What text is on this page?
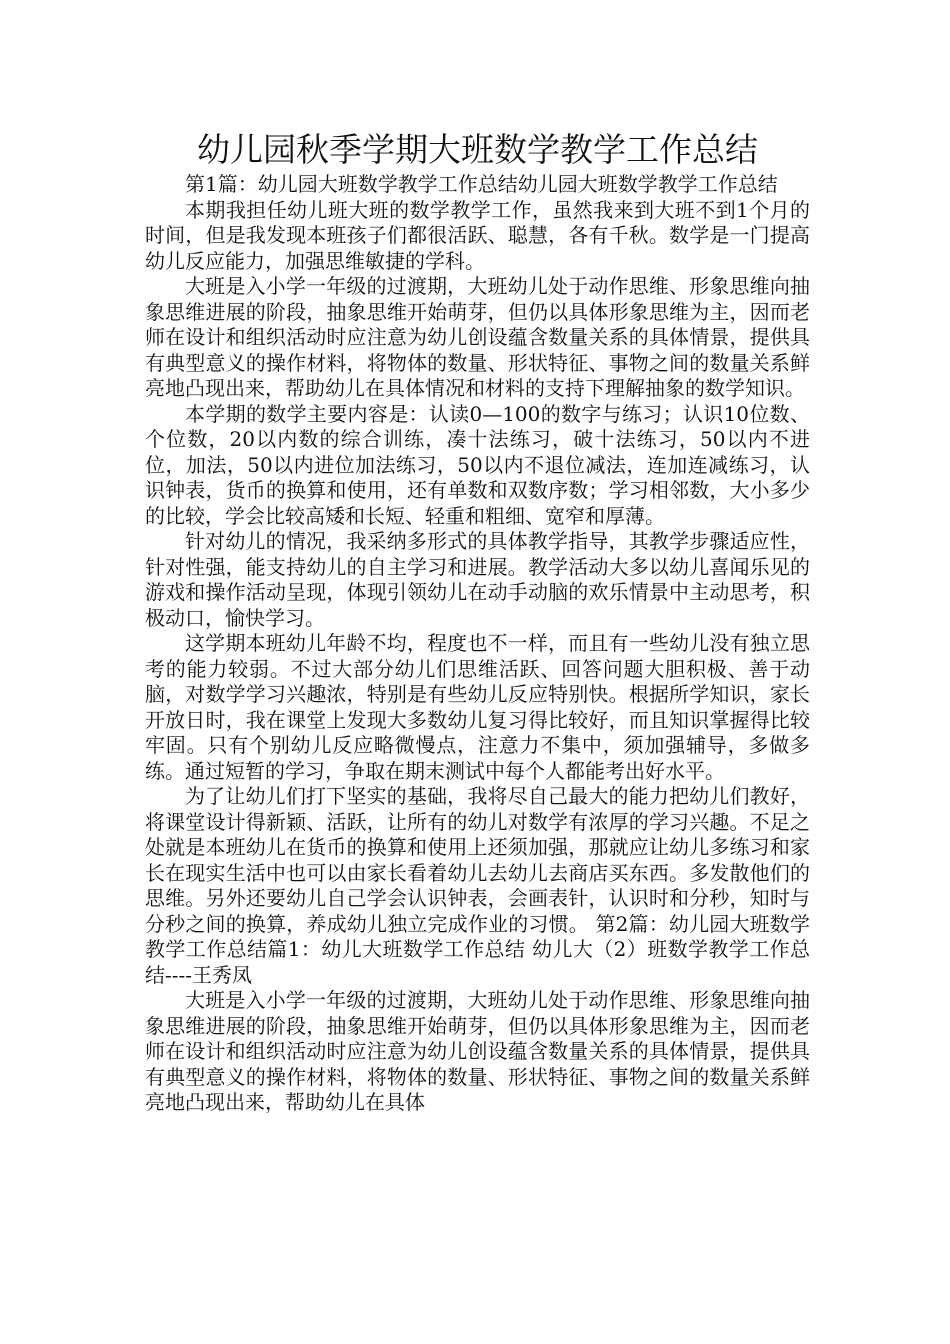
幼儿园秋季学期大班数学教学工作总结

第1篇：幼儿园大班数学教学工作总结幼儿园大班数学教学工作总结

本期我担任幼儿班大班的数学教学工作，虽然我来到大班不到1个月的时间，但是我发现本班孩子们都很活跃、聪慧，各有千秋。数学是一门提高幼儿反应能力，加强思维敏捷的学科。

大班是入小学一年级的过渡期，大班幼儿处于动作思维、形象思维向抽象思维进展的阶段，抽象思维开始萌芽，但仍以具体形象思维为主，因而老师在设计和组织活动时应注意为幼儿创设蕴含数量关系的具体情景，提供具有典型意义的操作材料，将物体的数量、形状特征、事物之间的数量关系鲜亮地凸现出来，帮助幼儿在具体情况和材料的支持下理解抽象的数学知识。

本学期的数学主要内容是：认读0—100的数字与练习；认识10位数、个位数，20以内数的综合训练，凑十法练习，破十法练习，50以内不进位，加法，50以内进位加法练习，50以内不退位减法，连加连减练习，认识钟表，货币的换算和使用，还有单数和双数序数；学习相邻数，大小多少的比较，学会比较高矮和长短、轻重和粗细、宽窄和厚薄。

针对幼儿的情况，我采纳多形式的具体教学指导，其教学步骤适应性，针对性强，能支持幼儿的自主学习和进展。教学活动大多以幼儿喜闻乐见的游戏和操作活动呈现，体现引领幼儿在动手动脑的欢乐情景中主动思考，积极动口，愉快学习。

这学期本班幼儿年龄不均，程度也不一样，而且有一些幼儿没有独立思考的能力较弱。不过大部分幼儿们思维活跃、回答问题大胆积极、善于动脑，对数学学习兴趣浓，特别是有些幼儿反应特别快。根据所学知识，家长开放日时，我在课堂上发现大多数幼儿复习得比较好，而且知识掌握得比较牢固。只有个别幼儿反应略微慢点，注意力不集中，须加强辅导，多做多练。通过短暂的学习，争取在期末测试中每个人都能考出好水平。

为了让幼儿们打下坚实的基础，我将尽自己最大的能力把幼儿们教好，将课堂设计得新颖、活跃，让所有的幼儿对数学有浓厚的学习兴趣。不足之处就是本班幼儿在货币的换算和使用上还须加强，那就应让幼儿多练习和家长在现实生活中也可以由家长看着幼儿去幼儿去商店买东西。多发散他们的思维。另外还要幼儿自己学会认识钟表，会画表针，认识时和分秒，知时与分秒之间的换算，养成幼儿独立完成作业的习惯。 第2篇：幼儿园大班数学教学工作总结篇1：幼儿大班数学工作总结 幼儿大（2）班数学教学工作总结----王秀凤

大班是入小学一年级的过渡期，大班幼儿处于动作思维、形象思维向抽象思维进展的阶段，抽象思维开始萌芽，但仍以具体形象思维为主，因而老师在设计和组织活动时应注意为幼儿创设蕴含数量关系的具体情景，提供具有典型意义的操作材料，将物体的数量、形状特征、事物之间的数量关系鲜亮地凸现出来，帮助幼儿在具体
